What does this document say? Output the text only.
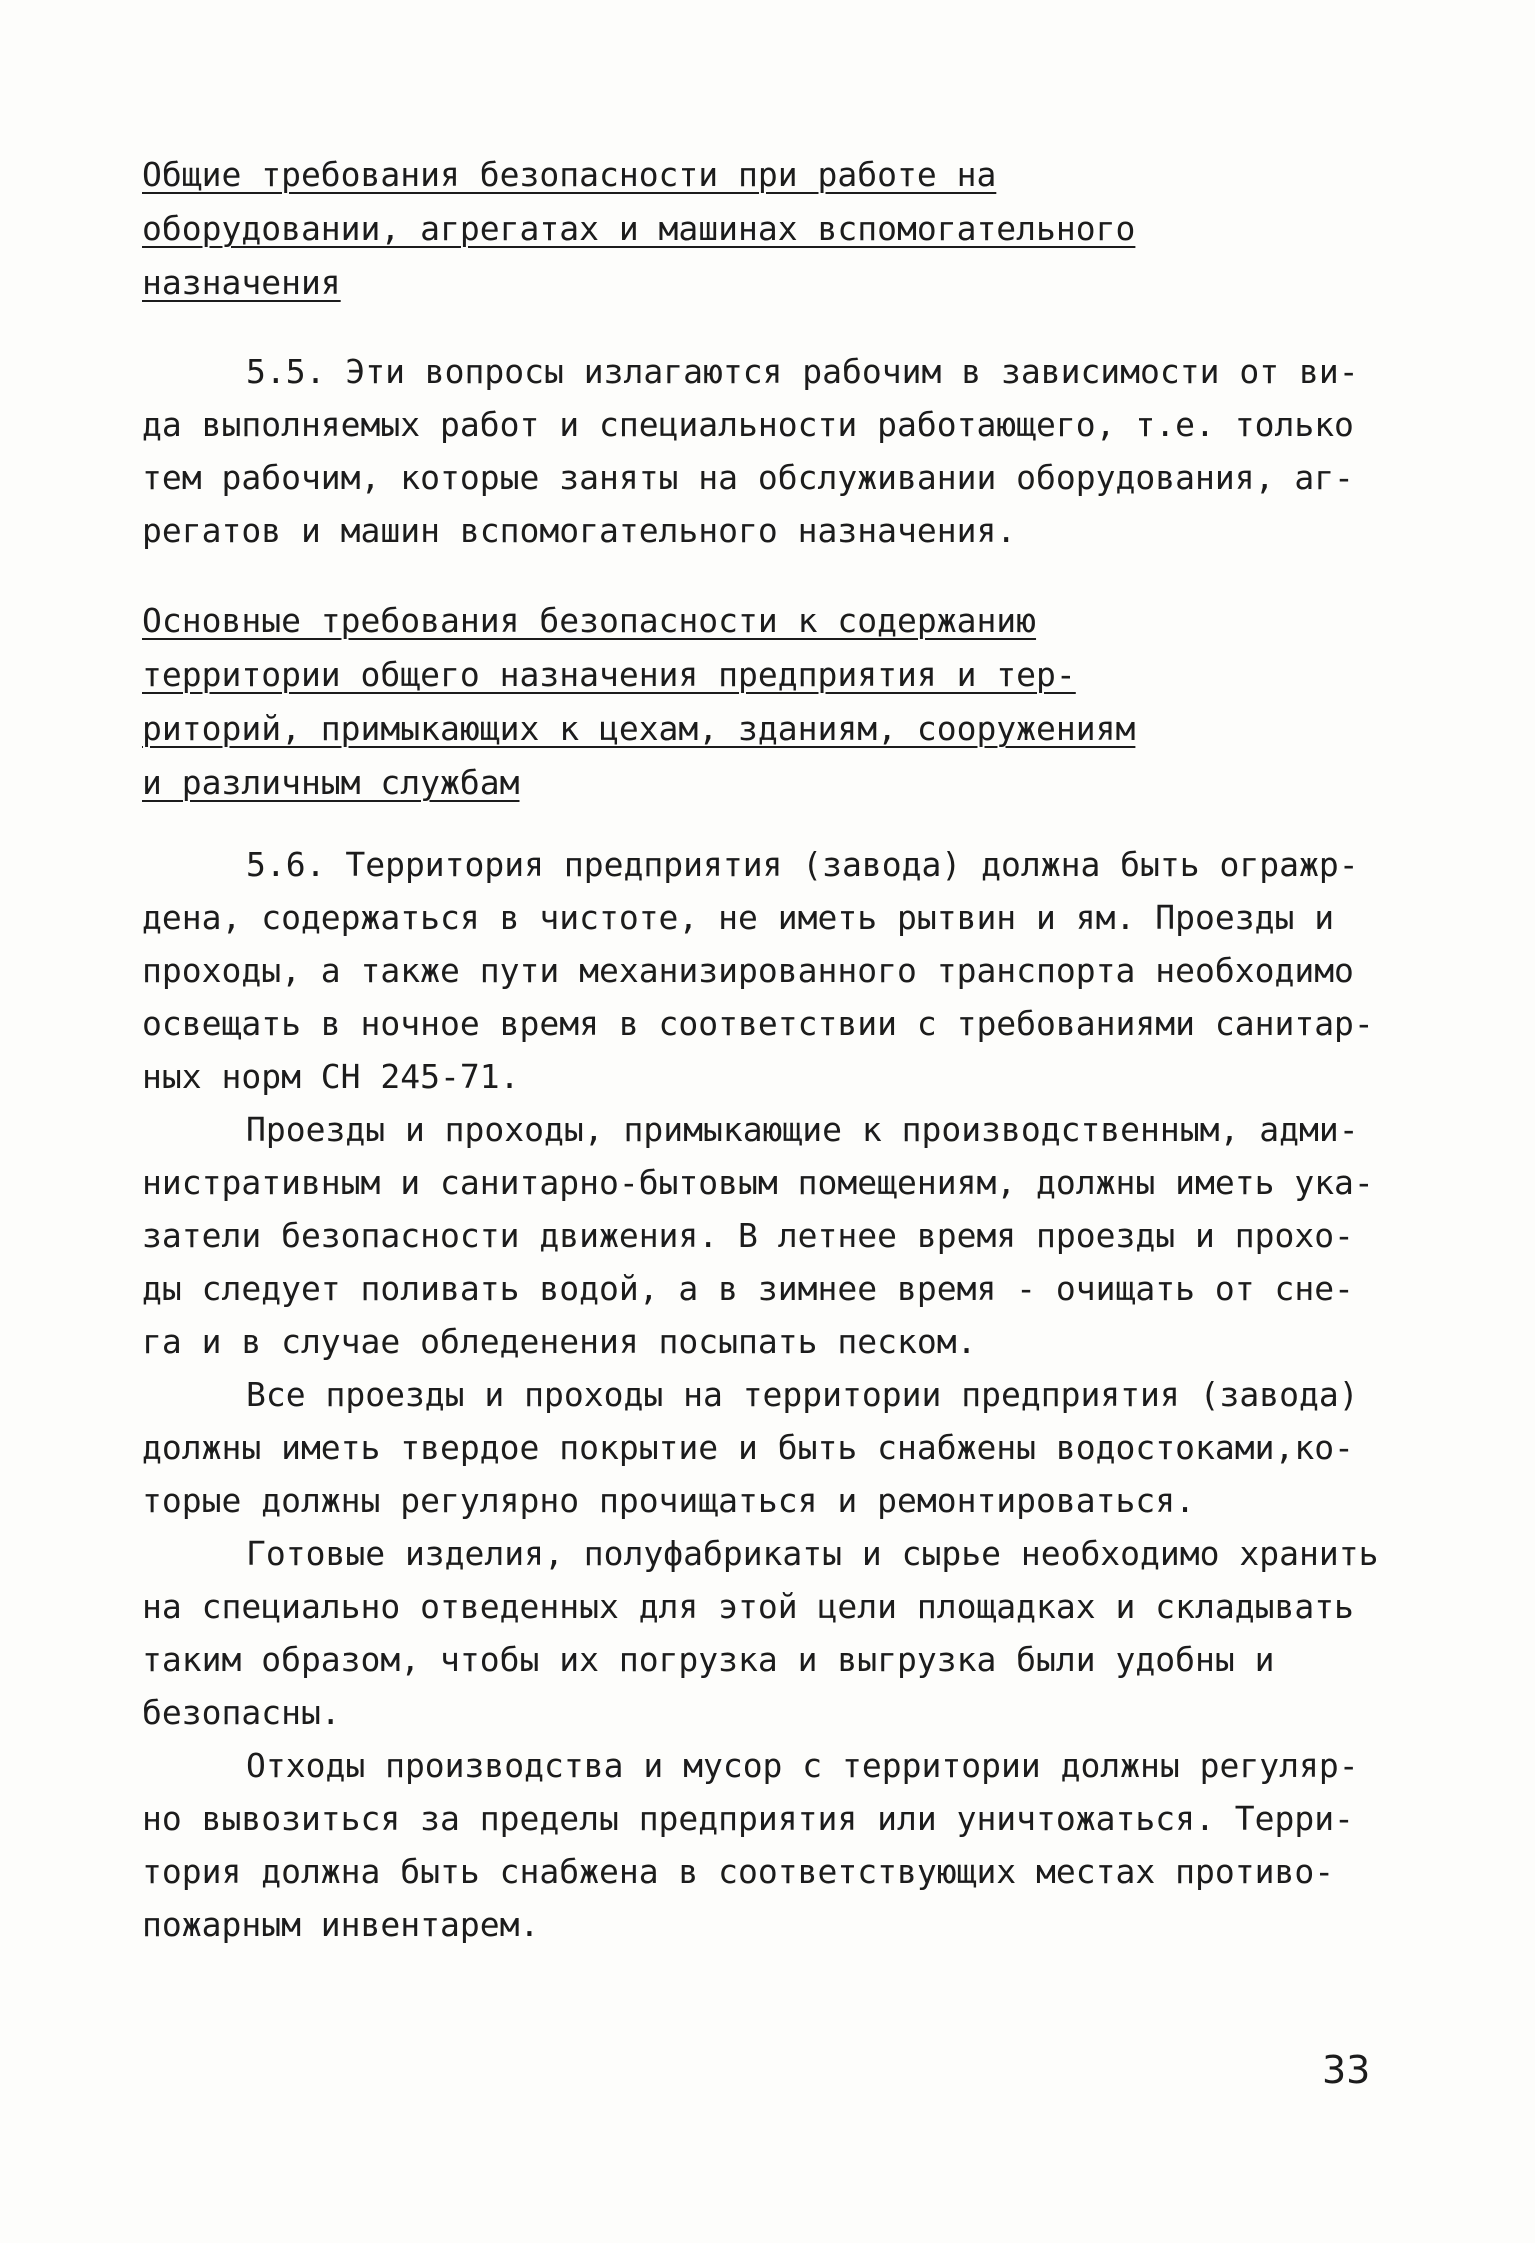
Общие требования безопасности при работе на
оборудовании, агрегатах и машинах вспомогательного
назначения
5.5. Эти вопросы излагаются рабочим в зависимости от ви-
да выполняемых работ и специальности работающего, т.е. только
тем рабочим, которые заняты на обслуживании оборудования, аг-
регатов и машин вспомогательного назначения.
Основные требования безопасности к содержанию
территории общего назначения предприятия и тер-
риторий, примыкающих к цехам, зданиям, сооружениям
и различным службам
5.6. Территория предприятия (завода) должна быть огражр-
дена, содержаться в чистоте, не иметь рытвин и ям. Проезды и
проходы, а также пути механизированного транспорта необходимо
освещать в ночное время в соответствии с требованиями санитар-
ных норм СН 245-71.
Проезды и проходы, примыкающие к производственным, адми-
нистративным и санитарно-бытовым помещениям, должны иметь ука-
затели безопасности движения. В летнее время проезды и прохо-
ды следует поливать водой, а в зимнее время - очищать от сне-
га и в случае обледенения посыпать песком.
Все проезды и проходы на территории предприятия (завода)
должны иметь твердое покрытие и быть снабжены водостоками,ко-
торые должны регулярно прочищаться и ремонтироваться.
Готовые изделия, полуфабрикаты и сырье необходимо хранить
на специально отведенных для этой цели площадках и складывать
таким образом, чтобы их погрузка и выгрузка были удобны и
безопасны.
Отходы производства и мусор с территории должны регуляр-
но вывозиться за пределы предприятия или уничтожаться. Терри-
тория должна быть снабжена в соответствующих местах противо-
пожарным инвентарем.
33
